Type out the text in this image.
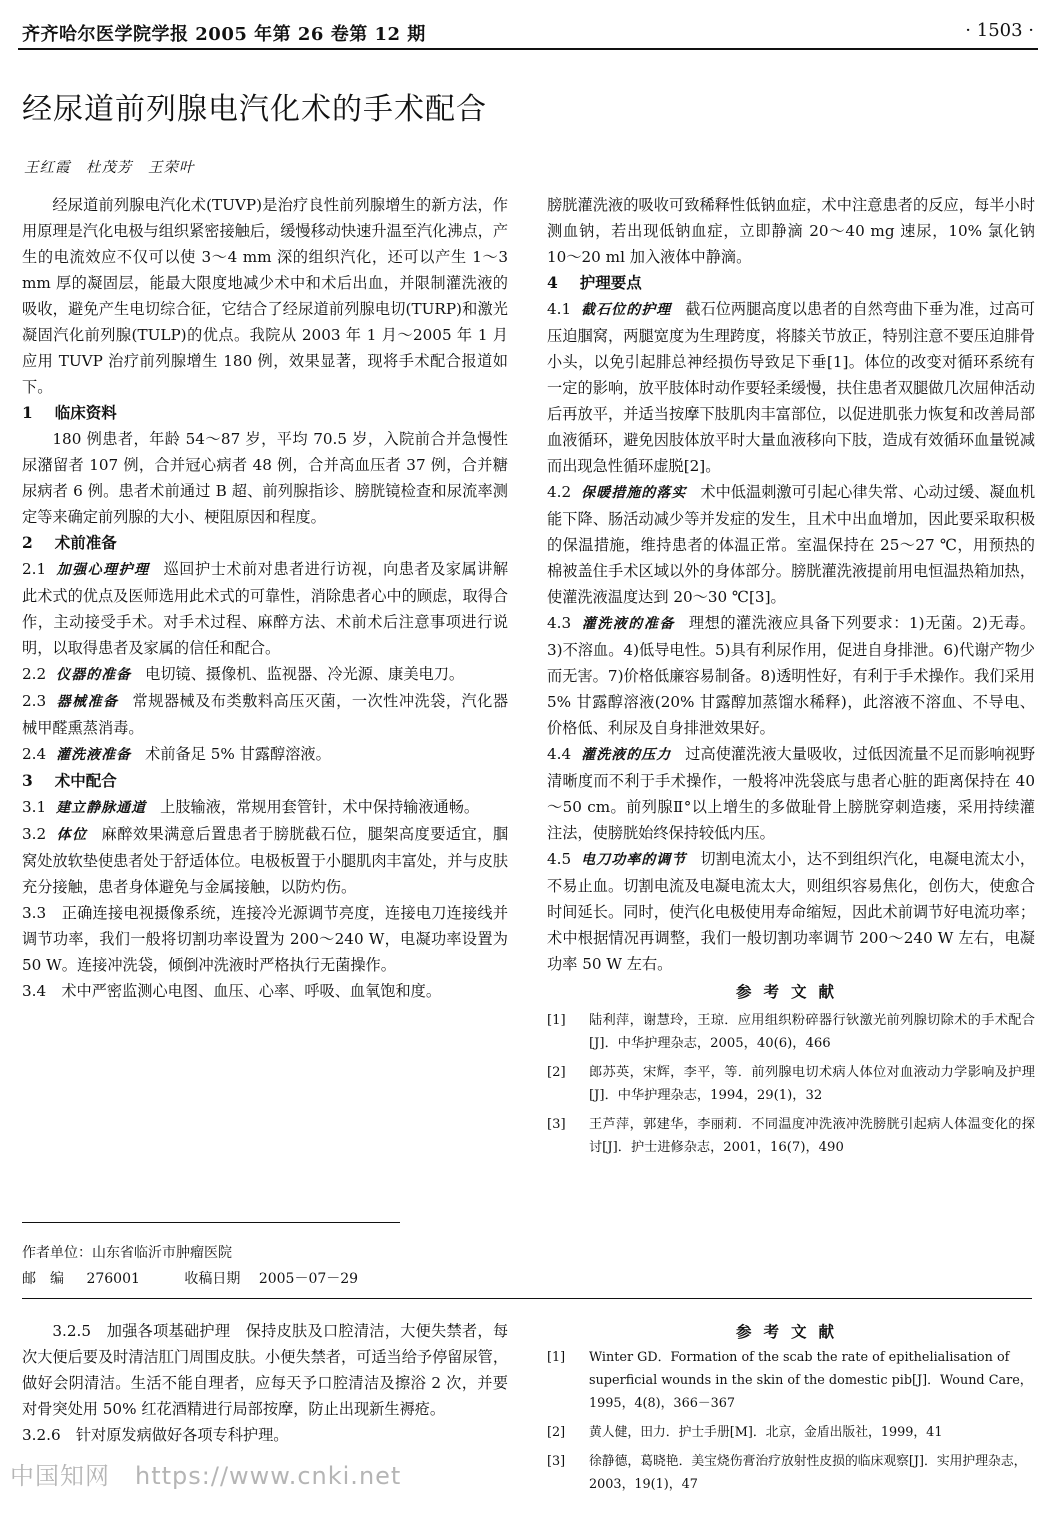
齐齐哈尔医学院学报 2005 年第 26 卷第 12 期	· 1503 ·
经尿道前列腺电汽化术的手术配合
王红霞　杜茂芳　王荣叶

经尿道前列腺电汽化术(TUVP)是治疗良性前列腺增生的新方法，作用原理是汽化电极与组织紧密接触后，缓慢移动快速升温至汽化沸点，产生的电流效应不仅可以使 3～4 mm 深的组织汽化，还可以产生 1～3 mm 厚的凝固层，能最大限度地减少术中和术后出血，并限制灌洗液的吸收，避免产生电切综合征，它结合了经尿道前列腺电切(TURP)和激光凝固汽化前列腺(TULP)的优点。我院从 2003 年 1 月～2005 年 1 月应用 TUVP 治疗前列腺增生 180 例，效果显著，现将手术配合报道如下。

1 临床资料

180 例患者，年龄 54～87 岁，平均 70.5 岁，入院前合并急慢性尿潴留者 107 例，合并冠心病者 48 例，合并高血压者 37 例，合并糖尿病者 6 例。患者术前通过 B 超、前列腺指诊、膀胱镜检查和尿流率测定等来确定前列腺的大小、梗阻原因和程度。

2 术前准备

2.1 加强心理护理 巡回护士术前对患者进行访视，向患者及家属讲解此术式的优点及医师选用此术式的可靠性，消除患者心中的顾虑，取得合作，主动接受手术。对手术过程、麻醉方法、术前术后注意事项进行说明，以取得患者及家属的信任和配合。

2.2 仪器的准备 电切镜、摄像机、监视器、冷光源、康美电刀。

2.3 器械准备 常规器械及布类敷料高压灭菌，一次性冲洗袋，汽化器械甲醛熏蒸消毒。

2.4 灌洗液准备 术前备足 5% 甘露醇溶液。

3 术中配合

3.1 建立静脉通道 上肢输液，常规用套管针，术中保持输液通畅。

3.2 体位 麻醉效果满意后置患者于膀胱截石位，腿架高度要适宜，腘窝处放软垫使患者处于舒适体位。电极板置于小腿肌肉丰富处，并与皮肤充分接触，患者身体避免与金属接触，以防灼伤。

3.3　 正确连接电视摄像系统，连接冷光源调节亮度，连接电刀连接线并调节功率，我们一般将切割功率设置为 200～240 W，电凝功率设置为 50 W。连接冲洗袋，倾倒冲洗液时严格执行无菌操作。

3.4　 术中严密监测心电图、血压、心率、呼吸、血氧饱和度。

作者单位：山东省临沂市肿瘤医院
邮编 276001	收稿日期　 2005－07－29

膀胱灌洗液的吸收可致稀释性低钠血症，术中注意患者的反应，每半小时测血钠，若出现低钠血症，立即静滴 20～40 mg 速尿，10% 氯化钠 10～20 ml 加入液体中静滴。

4 护理要点

4.1 截石位的护理 截石位两腿高度以患者的自然弯曲下垂为准，过高可压迫腘窝，两腿宽度为生理跨度，将膝关节放正，特别注意不要压迫腓骨小头，以免引起腓总神经损伤导致足下垂[1]。体位的改变对循环系统有一定的影响，放平肢体时动作要轻柔缓慢，扶住患者双腿做几次屈伸活动后再放平，并适当按摩下肢肌肉丰富部位，以促进肌张力恢复和改善局部血液循环，避免因肢体放平时大量血液移向下肢，造成有效循环血量锐减而出现急性循环虚脱[2]。

4.2 保暖措施的落实 术中低温刺激可引起心律失常、心动过缓、凝血机能下降、肠活动减少等并发症的发生，且术中出血增加，因此要采取积极的保温措施，维持患者的体温正常。室温保持在 25～27 ℃，用预热的棉被盖住手术区域以外的身体部分。膀胱灌洗液提前用电恒温热箱加热，使灌洗液温度达到 20～30 ℃[3]。

4.3 灌洗液的准备 理想的灌洗液应具备下列要求：1)无菌。2)无毒。3)不溶血。4)低导电性。5)具有利尿作用，促进自身排泄。6)代谢产物少而无害。7)价格低廉容易制备。8)透明性好，有利于手术操作。我们采用 5% 甘露醇溶液(20% 甘露醇加蒸馏水稀释)，此溶液不溶血、不导电、价格低、利尿及自身排泄效果好。

4.4 灌洗液的压力 过高使灌洗液大量吸收，过低因流量不足而影响视野清晰度而不利于手术操作，一般将冲洗袋底与患者心脏的距离保持在 40～50 cm。前列腺Ⅱ°以上增生的多做耻骨上膀胱穿刺造瘘，采用持续灌注法，使膀胱始终保持较低内压。

4.5 电刀功率的调节 切割电流太小，达不到组织汽化，电凝电流太小，不易止血。切割电流及电凝电流太大，则组织容易焦化，创伤大，使愈合时间延长。同时，使汽化电极使用寿命缩短，因此术前调节好电流功率；术中根据情况再调整，我们一般切割功率调节 200～240 W 左右，电凝功率 50 W 左右。

参考文献
[1]	陆利萍，谢慧玲，王琼．应用组织粉碎器行钬激光前列腺切除术的手术配合[J]．中华护理杂志，2005，40(6)，466
[2]	郎苏英，宋辉，李平，等．前列腺电切术病人体位对血液动力学影响及护理[J]．中华护理杂志，1994，29(1)，32
[3]	王芦萍，郭建华，李丽莉．不同温度冲洗液冲洗膀胱引起病人体温变化的探讨[J]．护士进修杂志，2001，16(7)，490

3.2.5　 加强各项基础护理　保持皮肤及口腔清洁，大便失禁者，每次大便后要及时清洁肛门周围皮肤。小便失禁者，可适当给予停留尿管，做好会阴清洁。生活不能自理者，应每天予口腔清洁及擦浴 2 次，并要对骨突处用 50% 红花酒精进行局部按摩，防止出现新生褥疮。

3.2.6　 针对原发病做好各项专科护理。

参考文献
[1]	Winter GD．Formation of the scab the rate of epithelialisation of superficial wounds in the skin of the domestic pib[J]．Wound Care，1995，4(8)，366－367
[2]	黄人健，田力．护士手册[M]．北京，金盾出版社，1999，41
[3]	徐静德，葛晓艳．美宝烧伤膏治疗放射性皮损的临床观察[J]．实用护理杂志，2003，19(1)，47
中国知网　https://www.cnki.net
